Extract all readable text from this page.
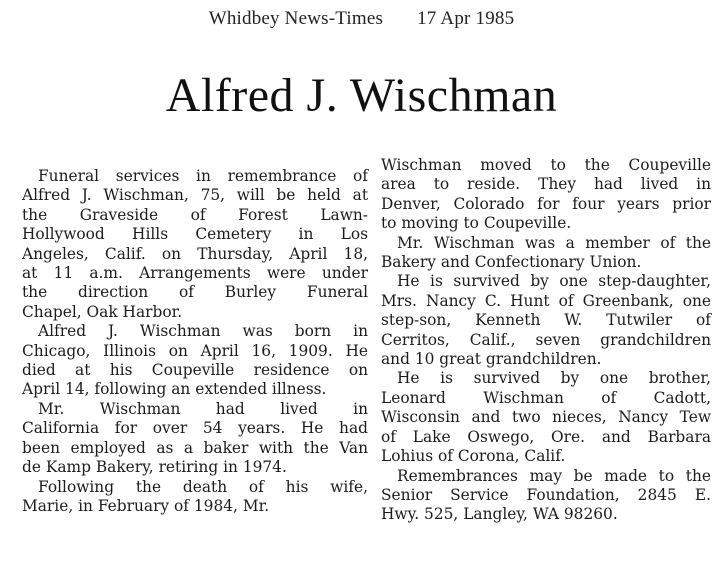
Whidbey News-Times 17 Apr 1985
Alfred J. Wischman

Funeral services in remembrance of
Alfred J. Wischman, 75, will be held at
the Graveside of Forest Lawn-
Hollywood Hills Cemetery in Los
Angeles, Calif. on Thursday, April 18,
at 11 a.m. Arrangements were under
the direction of Burley Funeral
Chapel, Oak Harbor.

Alfred J. Wischman was born in
Chicago, Illinois on April 16, 1909. He
died at his Coupeville residence on
April 14, following an extended illness.

Mr. Wischman had lived in
California for over 54 years. He had
been employed as a baker with the Van
de Kamp Bakery, retiring in 1974.

Following the death of his wife,
Marie, in February of 1984, Mr.

Wischman moved to the Coupeville
area to reside. They had lived in
Denver, Colorado for four years prior
to moving to Coupeville.

Mr. Wischman was a member of the
Bakery and Confectionary Union.

He is survived by one step-daughter,
Mrs. Nancy C. Hunt of Greenbank, one
step-son, Kenneth W. Tutwiler of
Cerritos, Calif., seven grandchildren
and 10 great grandchildren.

He is survived by one brother,
Leonard Wischman of Cadott,
Wisconsin and two nieces, Nancy Tew
of Lake Oswego, Ore. and Barbara
Lohius of Corona, Calif.

Remembrances may be made to the
Senior Service Foundation, 2845 E.
Hwy. 525, Langley, WA 98260.
